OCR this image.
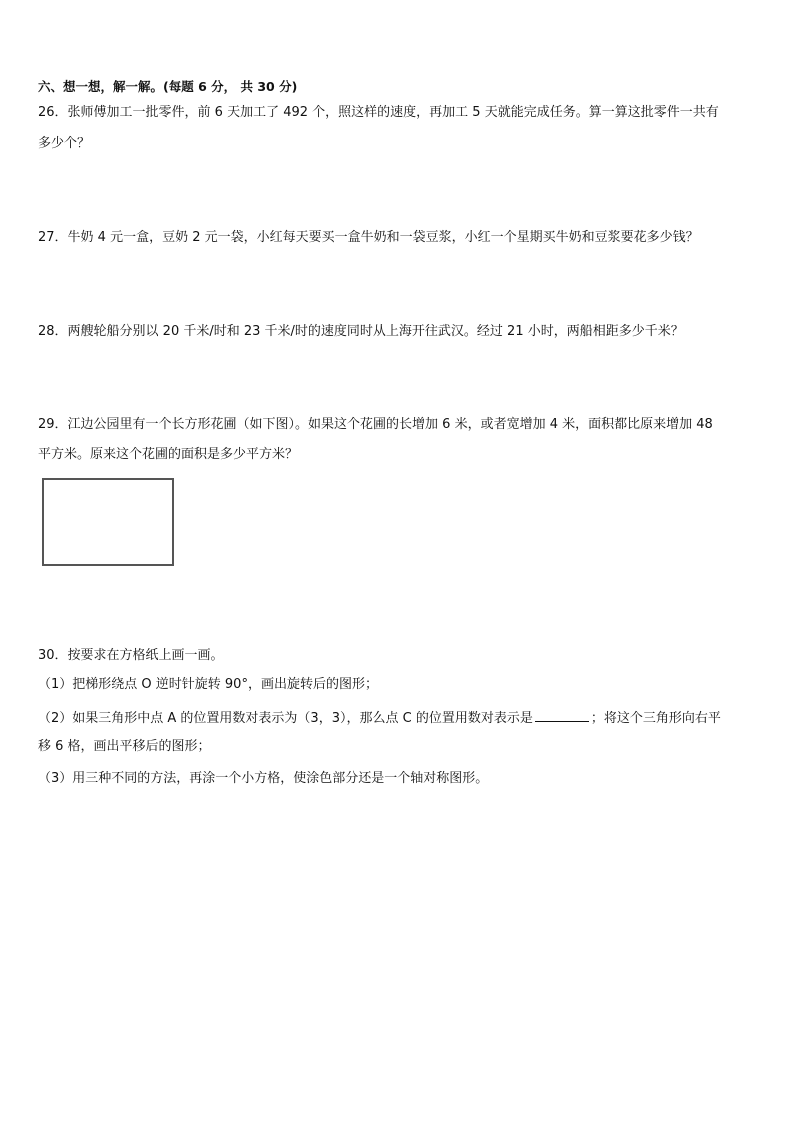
六、想一想，解一解。(每题 6 分， 共 30 分)
26．张师傅加工一批零件，前 6 天加工了 492 个，照这样的速度，再加工 5 天就能完成任务。算一算这批零件一共有
多少个？
27．牛奶 4 元一盒，豆奶 2 元一袋，小红每天要买一盒牛奶和一袋豆浆，小红一个星期买牛奶和豆浆要花多少钱？
28．两艘轮船分别以 20 千米/时和 23 千米/时的速度同时从上海开往武汉。经过 21 小时，两船相距多少千米？
29．江边公园里有一个长方形花圃（如下图）。如果这个花圃的长增加 6 米，或者宽增加 4 米，面积都比原来增加 48
平方米。原来这个花圃的面积是多少平方米？
30．按要求在方格纸上画一画。
（1）把梯形绕点 O 逆时针旋转 90°，画出旋转后的图形；
（2）如果三角形中点 A 的位置用数对表示为（3，3），那么点 C 的位置用数对表示是	；将这个三角形向右平
移 6 格，画出平移后的图形；
（3）用三种不同的方法，再涂一个小方格，使涂色部分还是一个轴对称图形。
